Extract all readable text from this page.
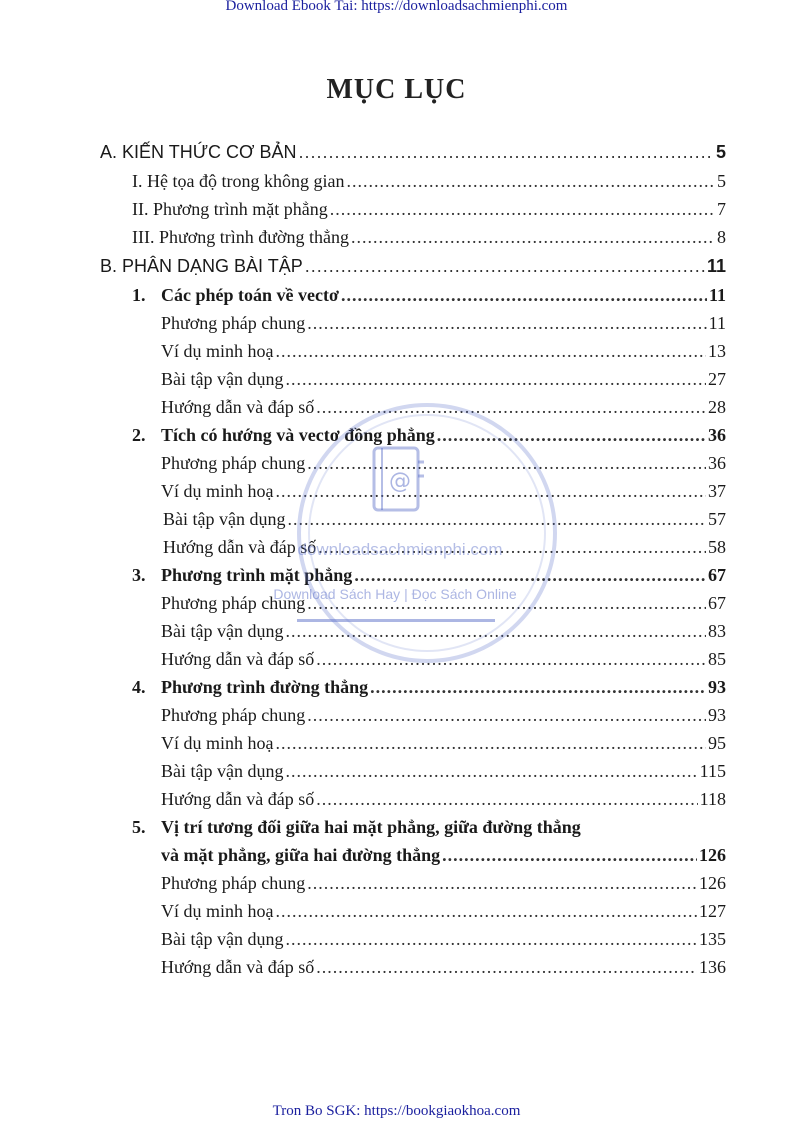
Download Ebook Tai: https://downloadsachmienphi.com
MỤC LỤC
A. KIẾN THỨC CƠ BẢN .....	5
I. Hệ tọa độ trong không gian .....	5
II. Phương trình mặt phẳng .....	7
III. Phương trình đường thẳng .....	8
B. PHÂN DẠNG BÀI TẬP .....	11
1. Các phép toán về vectơ .....	11
Phương pháp chung .....	11
Ví dụ minh hoạ .....	13
Bài tập vận dụng .....	27
Hướng dẫn và đáp số .....	28
2. Tích có hướng và vectơ đồng phẳng .....	36
Phương pháp chung .....	36
Ví dụ minh hoạ .....	37
Bài tập vận dụng .....	57
Hướng dẫn và đáp số .....	58
3. Phương trình mặt phẳng .....	67
Phương pháp chung .....	67
Bài tập vận dụng .....	83
Hướng dẫn và đáp số .....	85
4. Phương trình đường thẳng .....	93
Phương pháp chung .....	93
Ví dụ minh hoạ .....	95
Bài tập vận dụng .....	115
Hướng dẫn và đáp số .....	118
5. Vị trí tương đối giữa hai mặt phẳng, giữa đường thẳng
và mặt phẳng, giữa hai đường thẳng .....	126
Phương pháp chung .....	126
Ví dụ minh hoạ .....	127
Bài tập vận dụng .....	135
Hướng dẫn và đáp số .....	136
@
downloadsachmienphi.com
Download Sách Hay | Đọc Sách Online
Tron Bo SGK: https://bookgiaokhoa.com
